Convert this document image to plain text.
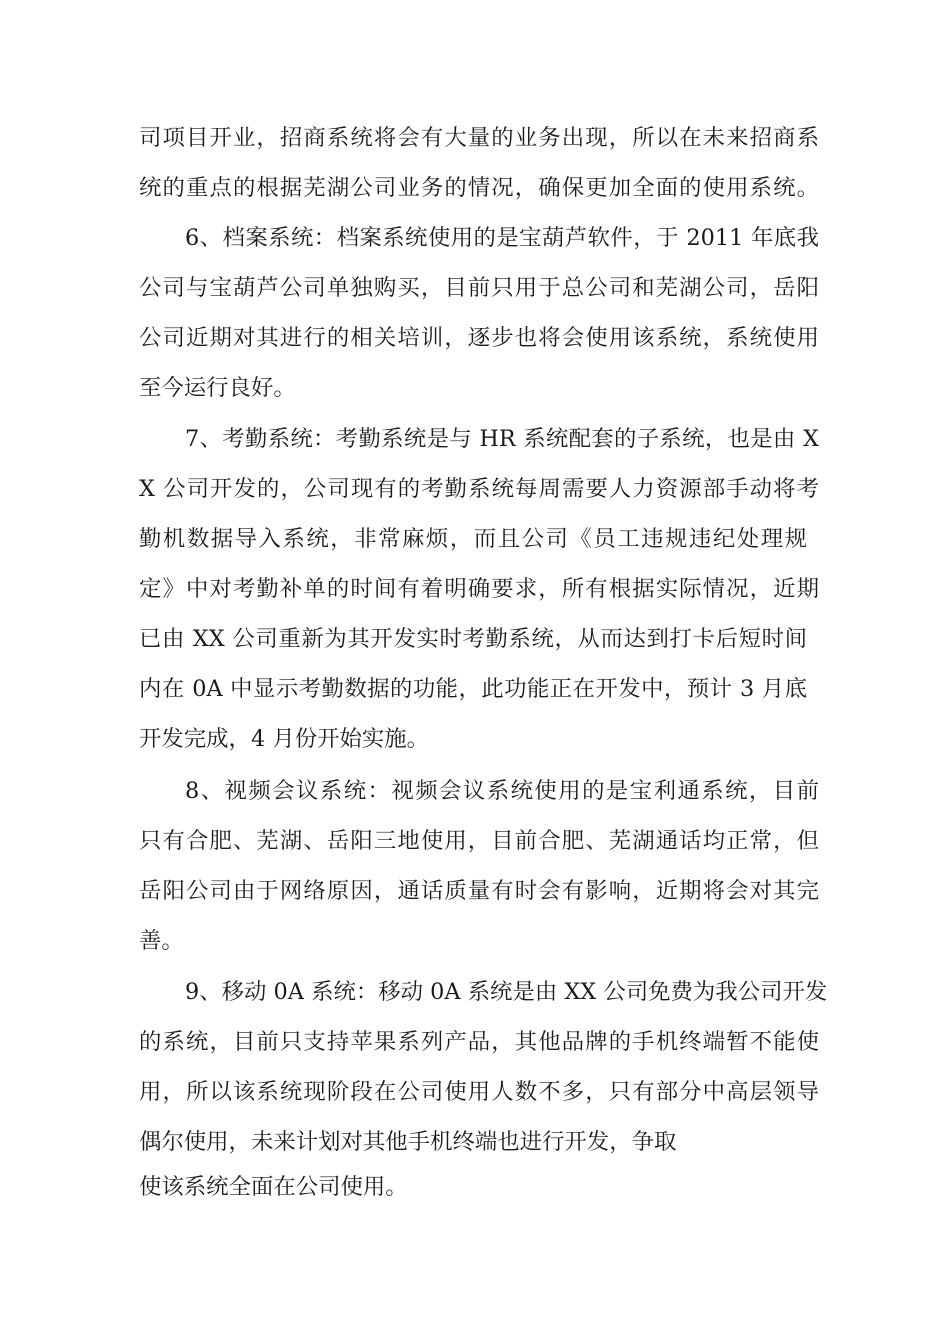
司项目开业，招商系统将会有大量的业务出现，所以在未来招商系
统的重点的根据芜湖公司业务的情况，确保更加全面的使用系统。
6、档案系统：档案系统使用的是宝葫芦软件，于 2011 年底我
公司与宝葫芦公司单独购买，目前只用于总公司和芜湖公司，岳阳
公司近期对其进行的相关培训，逐步也将会使用该系统，系统使用
至今运行良好。
7、考勤系统：考勤系统是与 HR 系统配套的子系统，也是由 X
X 公司开发的，公司现有的考勤系统每周需要人力资源部手动将考
勤机数据导入系统，非常麻烦，而且公司《员工违规违纪处理规
定》中对考勤补单的时间有着明确要求，所有根据实际情况，近期
已由 XX 公司重新为其开发实时考勤系统，从而达到打卡后短时间
内在 0A 中显示考勤数据的功能，此功能正在开发中，预计 3 月底
开发完成，4 月份开始实施。
8、视频会议系统：视频会议系统使用的是宝利通系统，目前
只有合肥、芜湖、岳阳三地使用，目前合肥、芜湖通话均正常，但
岳阳公司由于网络原因，通话质量有时会有影响，近期将会对其完
善。
9、移动 0A 系统：移动 0A 系统是由 XX 公司免费为我公司开发
的系统，目前只支持苹果系列产品，其他品牌的手机终端暂不能使
用，所以该系统现阶段在公司使用人数不多，只有部分中高层领导
偶尔使用，未来计划对其他手机终端也进行开发，争取
使该系统全面在公司使用。
